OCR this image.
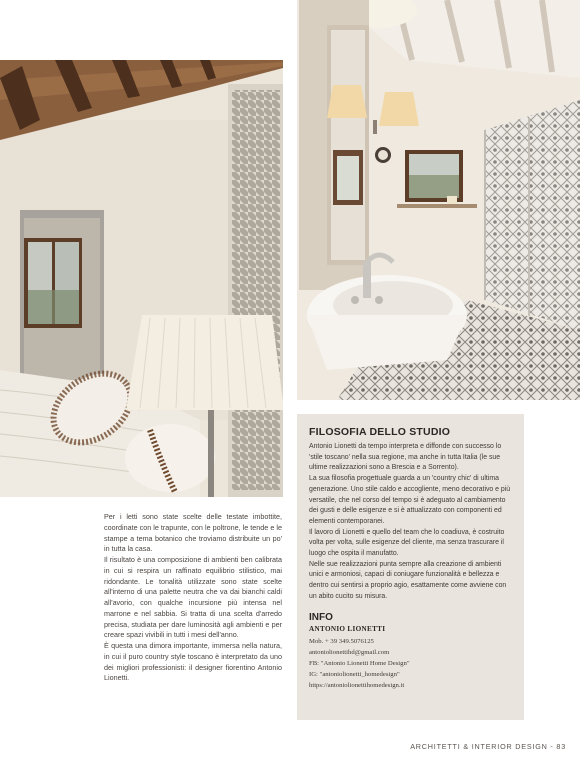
Per i letti sono state scelte delle testate imbottite, coordinate con le trapunte, con le poltrone, le tende e le stampe a tema botanico che troviamo distribuite un po' in tutta la casa.

Il risultato è una composizione di ambienti ben calibrata in cui si respira un raffinato equilibrio stilistico, mai ridondante. Le tonalità utilizzate sono state scelte all'interno di una palette neutra che va dai bianchi caldi all'avorio, con qualche incursione più intensa nel marrone e nel sabbia. Si tratta di una scelta d'arredo precisa, studiata per dare luminosità agli ambienti e per creare spazi vivibili in tutti i mesi dell'anno.

È questa una dimora importante, immersa nella natura, in cui il puro country style toscano è interpretato da uno dei migliori professionisti: il designer fiorentino Antonio Lionetti.

FILOSOFIA DELLO STUDIO

Antonio Lionetti da tempo interpreta e diffonde con successo lo 'stile toscano' nella sua regione, ma anche in tutta Italia (le sue ultime realizzazioni sono a Brescia e a Sorrento).

La sua filosofia progettuale guarda a un 'country chic' di ultima generazione. Uno stile caldo e accogliente, meno decorativo e più versatile, che nel corso del tempo si è adeguato al cambiamento dei gusti e delle esigenze e si è attualizzato con componenti ed elementi contemporanei.

Il lavoro di Lionetti e quello del team che lo coadiuva, è costruito volta per volta, sulle esigenze del cliente, ma senza trascurare il luogo che ospita il manufatto.

Nelle sue realizzazioni punta sempre alla creazione di ambienti unici e armoniosi, capaci di coniugare funzionalità e bellezza e dentro cui sentirsi a proprio agio, esattamente come avviene con un abito cucito su misura.

INFO
ANTONIO LIONETTI
Mob. + 39 349.5076125
antoniolionettihd@gmail.com
FB: "Antonio Lionetti Home Design"
IG: "antoniolionetti_homedesign"
https://antoniolionettihomedesign.it
ARCHITETTI & INTERIOR DESIGN - 83
